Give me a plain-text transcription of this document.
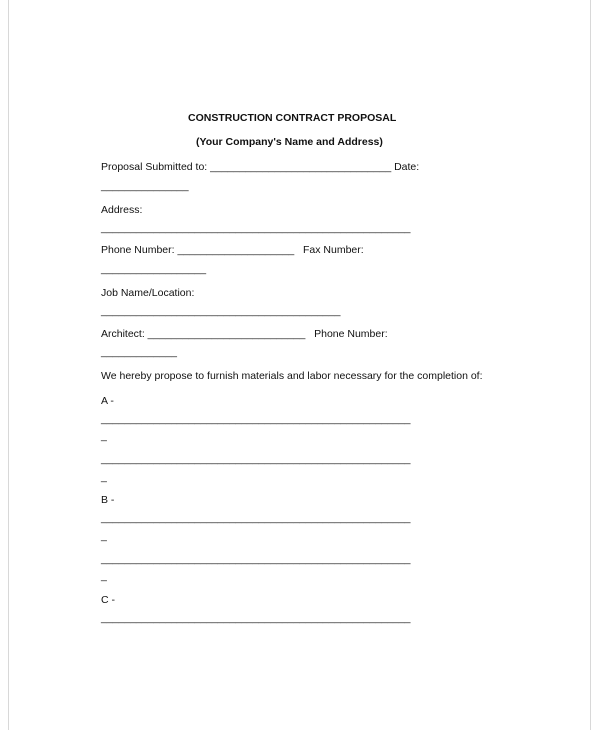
CONSTRUCTION CONTRACT PROPOSAL
(Your Company's Name and Address)
Proposal Submitted to: _______________________________ Date:
_______________
Address:
_____________________________________________________
Phone Number: ____________________   Fax Number:
__________________
Job Name/Location:
_________________________________________
Architect: ___________________________   Phone Number:
_____________
We hereby propose to furnish materials and labor necessary for the completion of:
A -
_____________________________________________________
_
_____________________________________________________
_
B -
_____________________________________________________
_
_____________________________________________________
_
C -
_____________________________________________________
